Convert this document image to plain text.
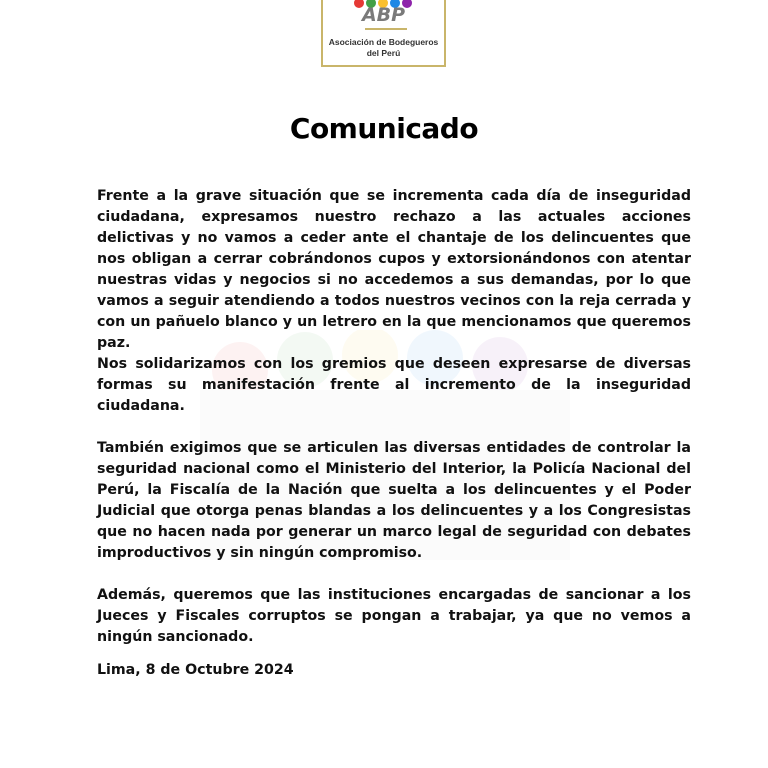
ABP
Asociación de Bodegueros
del Perú
Comunicado

Frente a la grave situación que se incrementa cada día de inseguridad ciudadana, expresamos nuestro rechazo a las actuales acciones delictivas y no vamos a ceder ante el chantaje de los delincuentes que nos obligan a cerrar cobrándonos cupos y extorsionándonos con atentar nuestras vidas y negocios si no accedemos a sus demandas, por lo que vamos a seguir atendiendo a todos nuestros vecinos con la reja cerrada y con un pañuelo blanco y un letrero en la que mencionamos que queremos paz.

Nos solidarizamos con los gremios que deseen expresarse de diversas formas su manifestación frente al incremento de la inseguridad ciudadana.

También exigimos que se articulen las diversas entidades de controlar la seguridad nacional como el Ministerio del Interior, la Policía Nacional del Perú, la Fiscalía de la Nación que suelta a los delincuentes y el Poder Judicial que otorga penas blandas a los delincuentes y a los Congresistas que no hacen nada por generar un marco legal de seguridad con debates improductivos y sin ningún compromiso.

Además, queremos que las instituciones encargadas de sancionar a los Jueces y Fiscales corruptos se pongan a trabajar, ya que no vemos a ningún sancionado.

Lima, 8 de Octubre 2024
